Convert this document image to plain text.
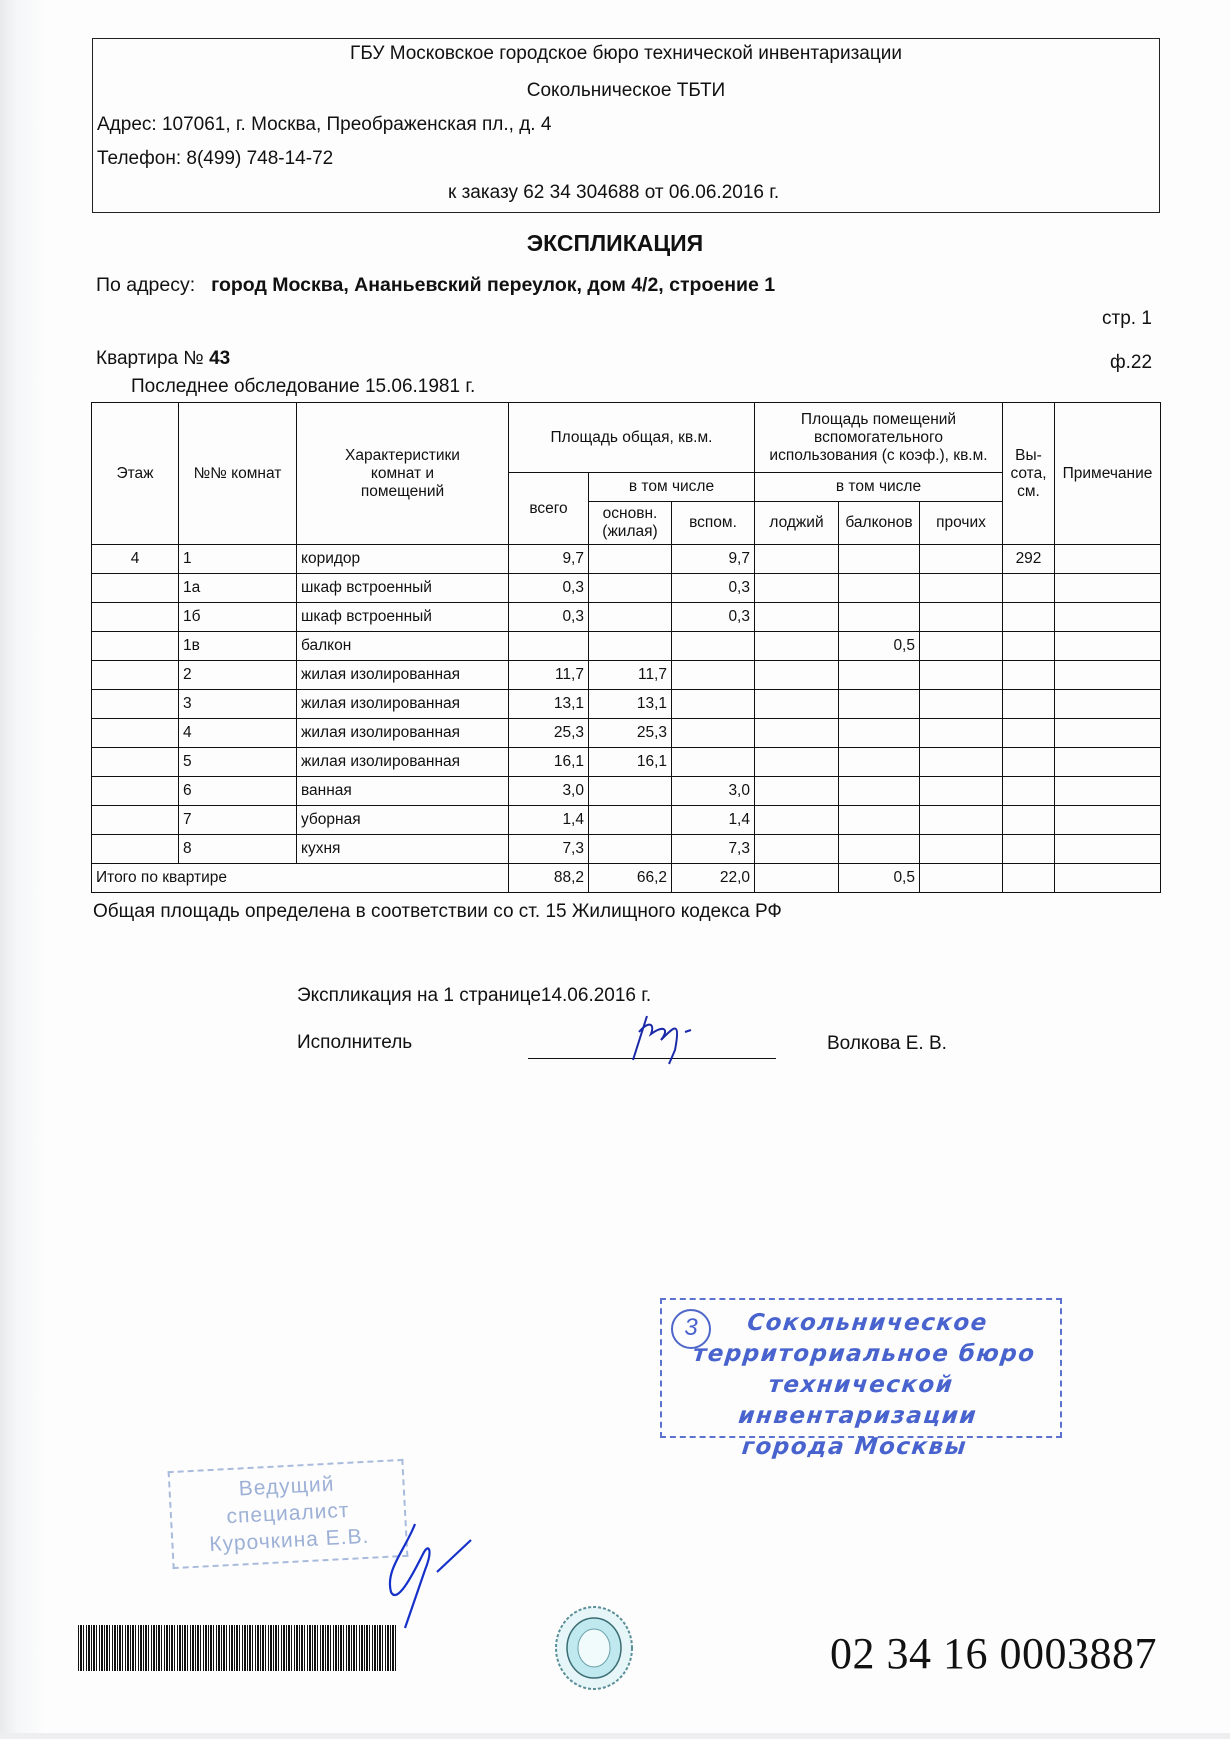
ГБУ Московское городское бюро технической инвентаризации
Сокольническое ТБТИ
Адрес: 107061, г. Москва, Преображенская пл., д. 4
Телефон: 8(499) 748-14-72
к заказу 62 34 304688 от 06.06.2016 г.
ЭКСПЛИКАЦИЯ
По адресу: город Москва, Ананьевский переулок, дом 4/2, строение 1
стр. 1
Квартира № 43	ф.22
Последнее обследование 15.06.1981 г.
Этаж	№№ комнат	Характеристики комнат и помещений	Площадь общая, кв.м.			Площадь помещений вспомогательного использования (с коэф.), кв.м.			Вы-сота, см.	Примечание
			всего	в том числе		в том числе				
				основн. (жилая)	вспом.	лоджий	балконов	прочих		
4	1	коридор	9,7		9,7				292	
	1а	шкаф встроенный	0,3		0,3					
	1б	шкаф встроенный	0,3		0,3					
	1в	балкон					0,5			
	2	жилая изолированная	11,7	11,7						
	3	жилая изолированная	13,1	13,1						
	4	жилая изолированная	25,3	25,3						
	5	жилая изолированная	16,1	16,1						
	6	ванная	3,0		3,0					
	7	уборная	1,4		1,4					
	8	кухня	7,3		7,3					
Итого по квартире			88,2	66,2	22,0		0,5			
Общая площадь определена в соответствии со ст. 15 Жилищного кодекса РФ
Экспликация на 1 странице14.06.2016 г.
Исполнитель	Волкова Е. В.
3	Сокольническое
территориальное бюро
технической инвентаризации
города Москвы
Ведущий
специалист
Курочкина Е.В.
02 34 16 0003887
